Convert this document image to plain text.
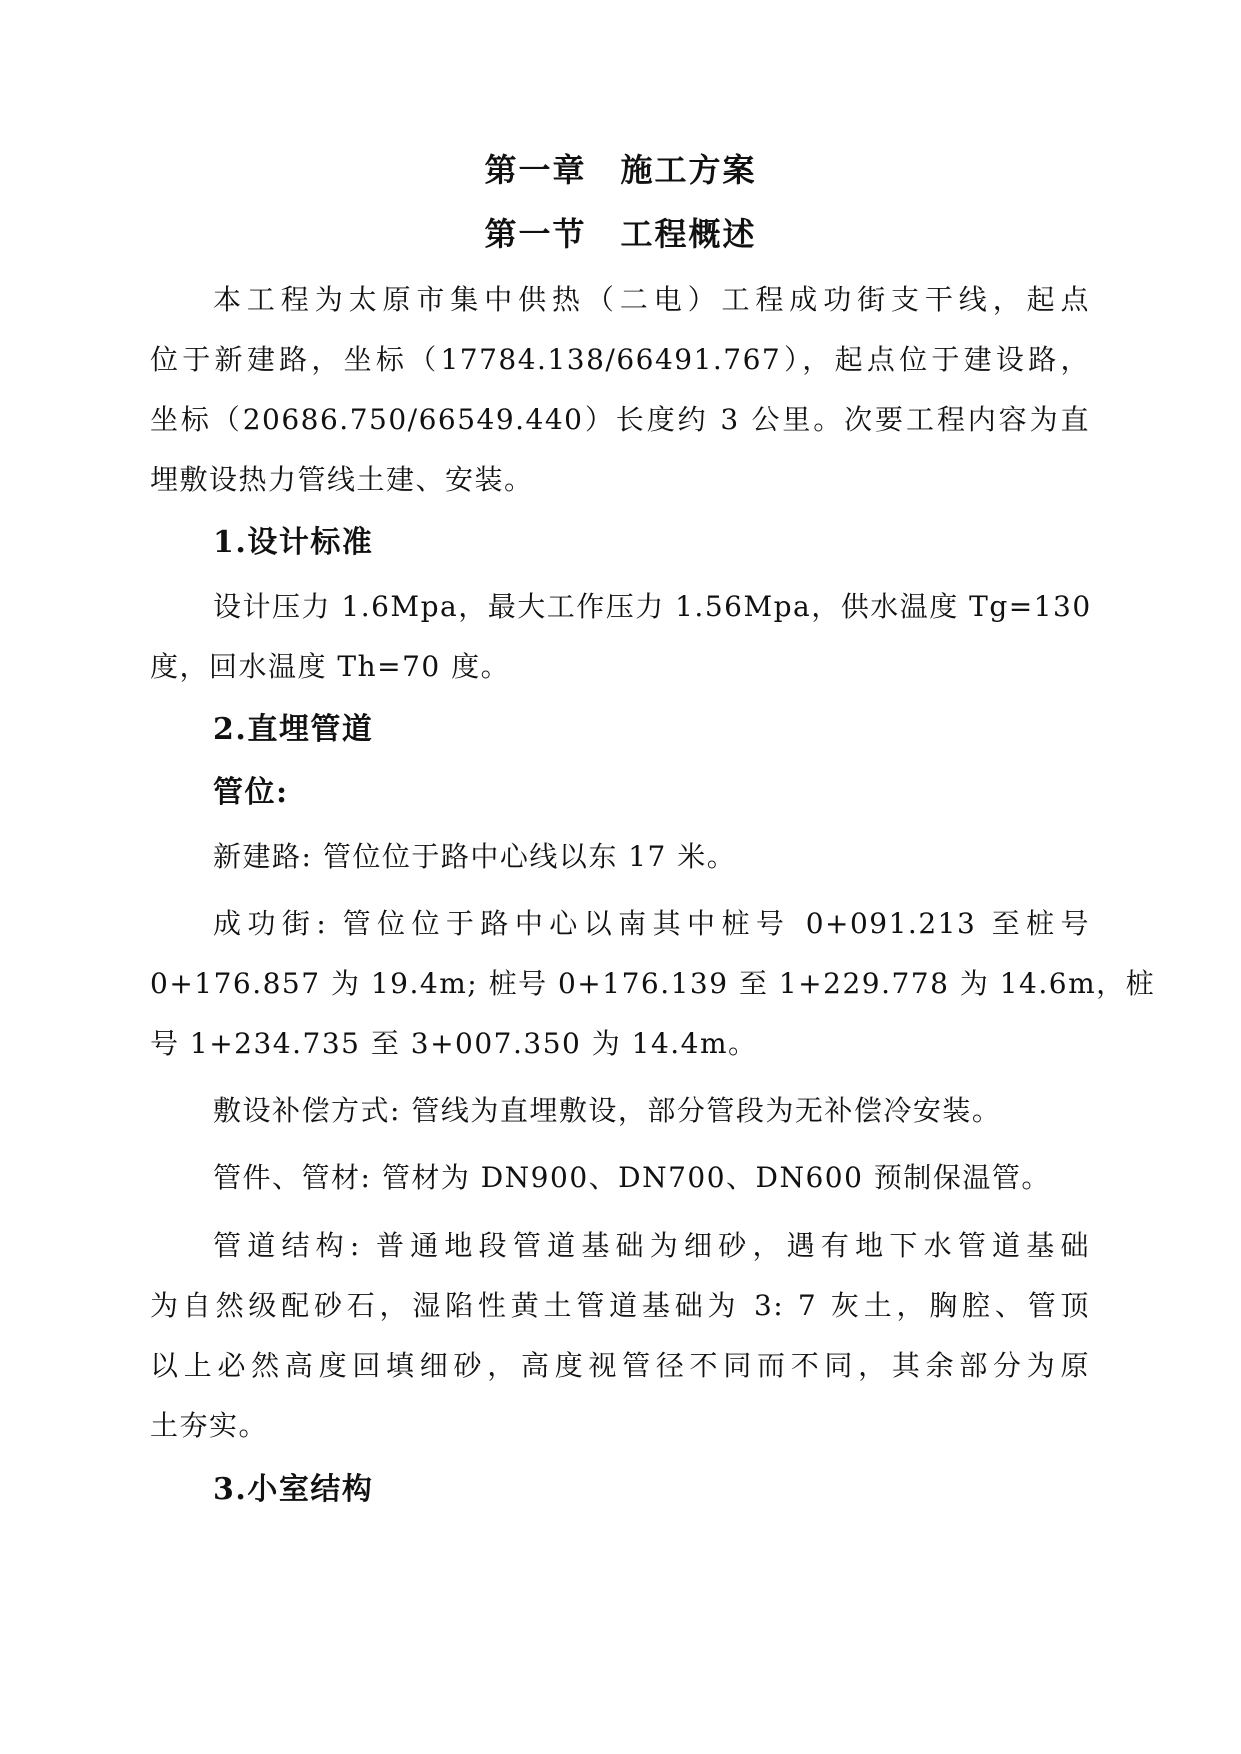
第一章　施工方案
第一节　工程概述
本工程为太原市集中供热（二电）工程成功街支干线，起点
位于新建路，坐标（17784.138/66491.767），起点位于建设路，
坐标（20686.750/66549.440）长度约 3 公里。次要工程内容为直
埋敷设热力管线土建、安装。
1.设计标准
设计压力 1.6Mpa，最大工作压力 1.56Mpa，供水温度 Tg=130
度，回水温度 Th=70 度。
2.直埋管道
管位:
新建路: 管位位于路中心线以东 17 米。
成功街: 管位位于路中心以南其中桩号 0+091.213 至桩号
0+176.857 为 19.4m; 桩号 0+176.139 至 1+229.778 为 14.6m，桩
号 1+234.735 至 3+007.350 为 14.4m。
敷设补偿方式: 管线为直埋敷设，部分管段为无补偿冷安装。
管件、管材: 管材为 DN900、DN700、DN600 预制保温管。
管道结构: 普通地段管道基础为细砂，遇有地下水管道基础
为自然级配砂石，湿陷性黄土管道基础为 3: 7 灰土，胸腔、管顶
以上必然高度回填细砂，高度视管径不同而不同，其余部分为原
土夯实。
3.小室结构
